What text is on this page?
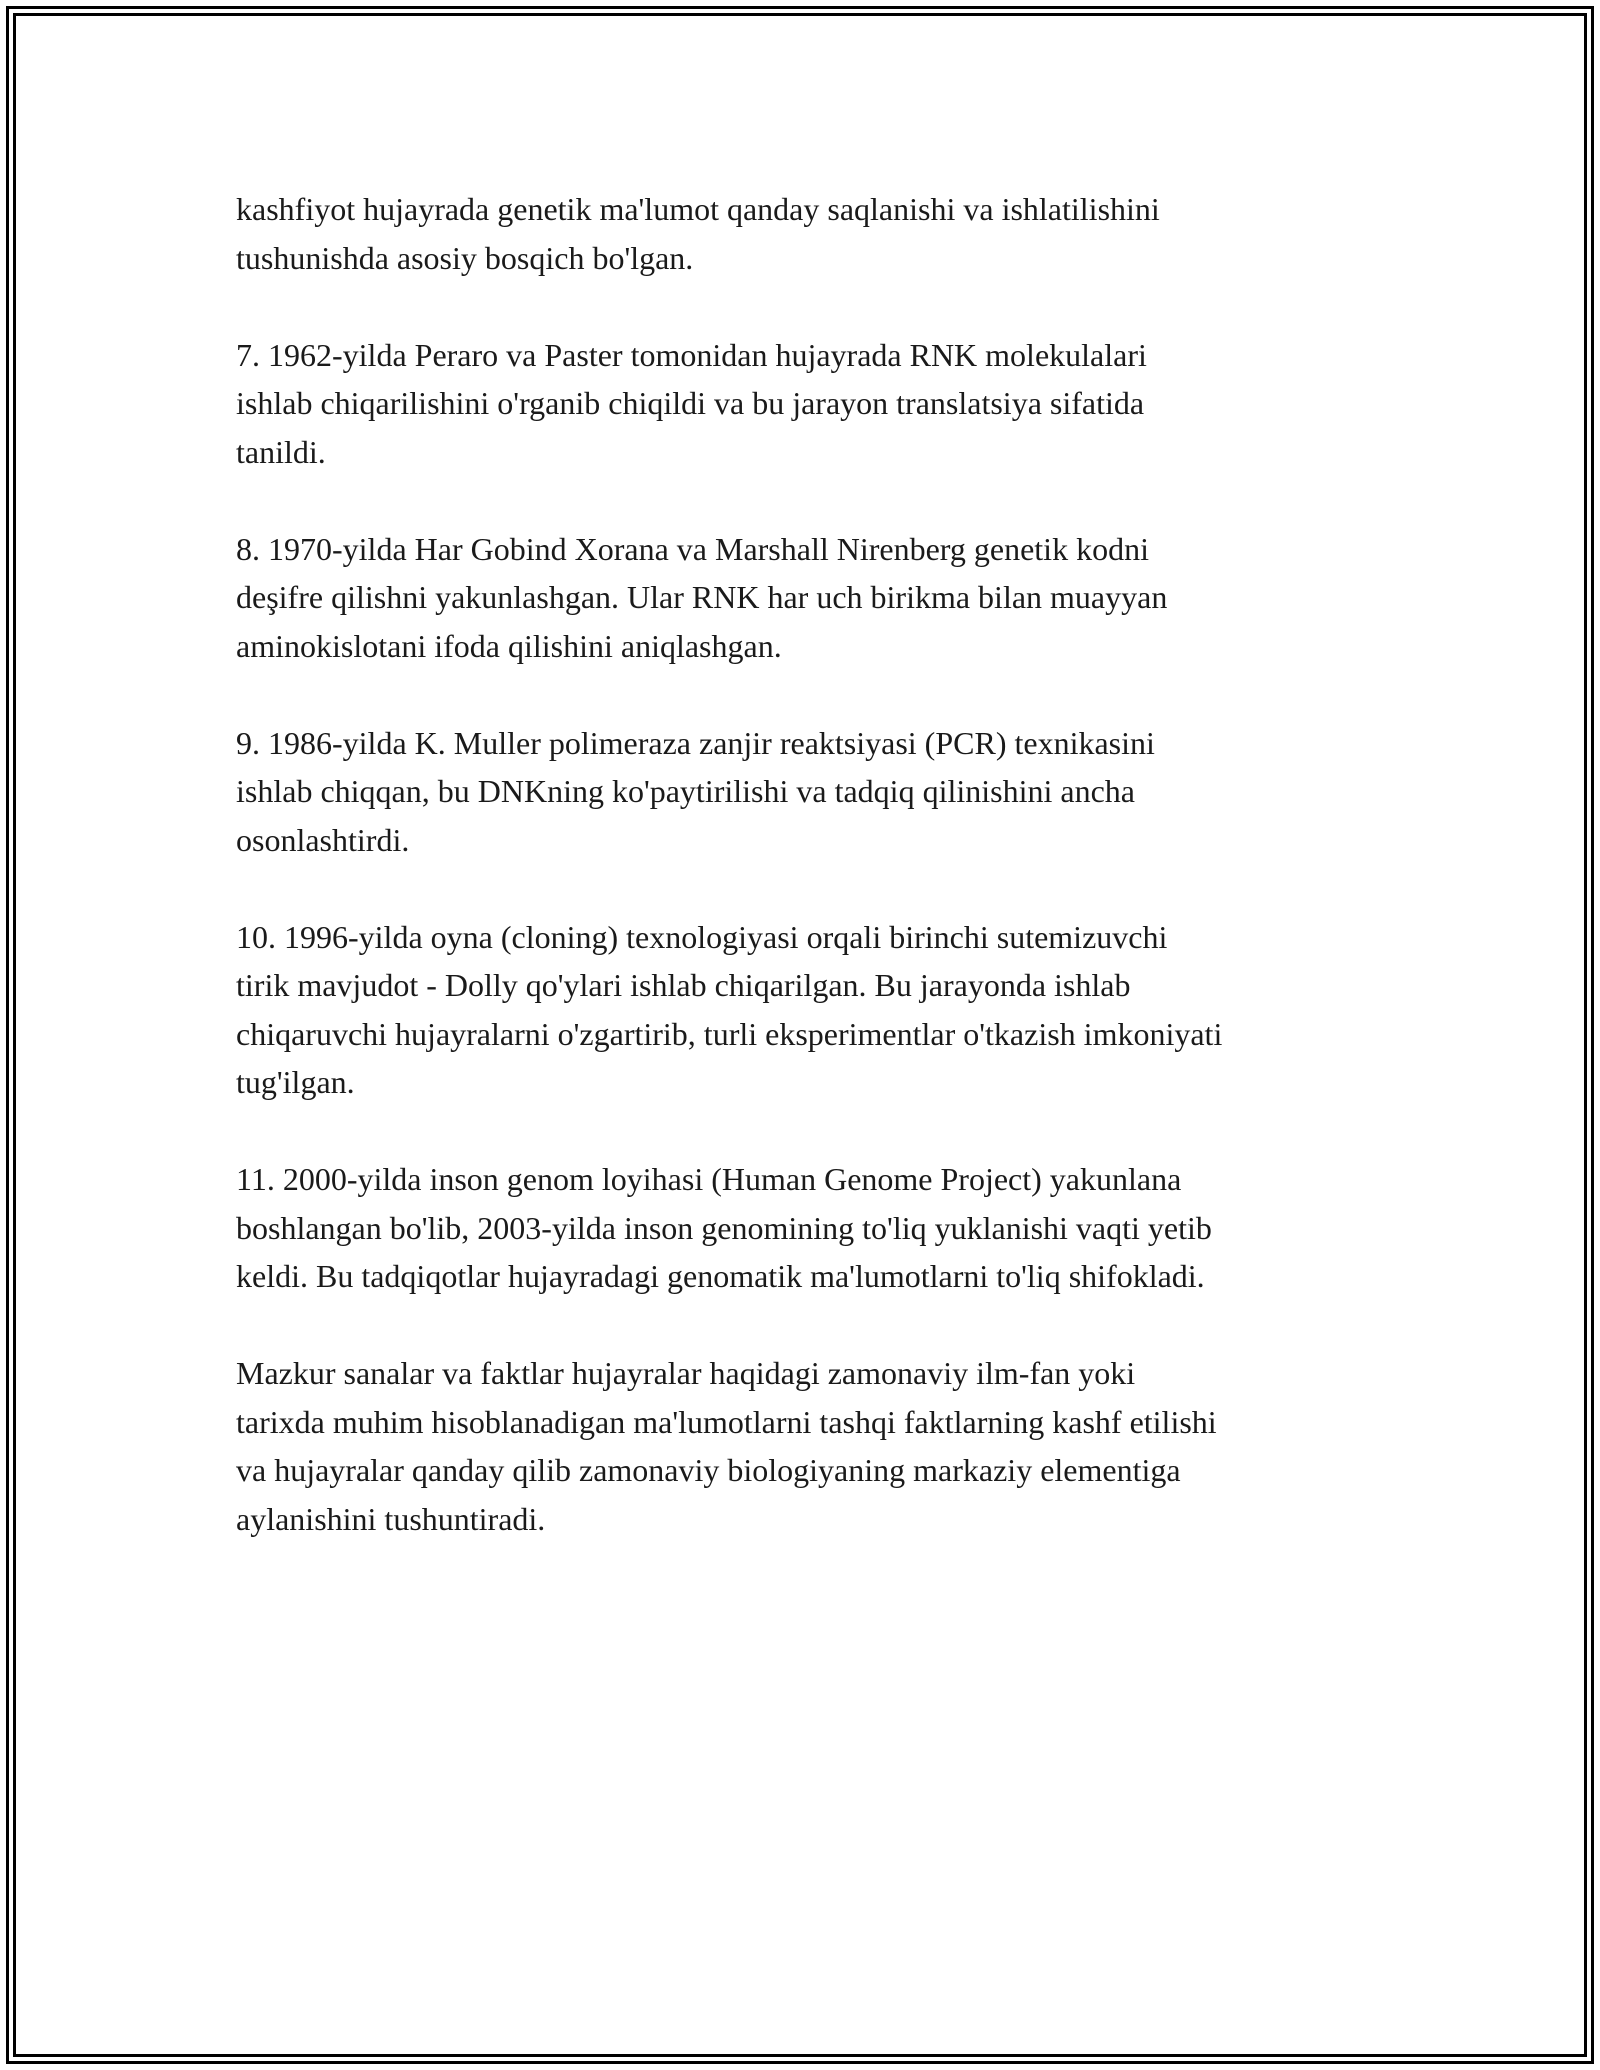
kashfiyot hujayrada genetik ma'lumot qanday saqlanishi va ishlatilishini
tushunishda asosiy bosqich bo'lgan.

7. 1962-yilda Peraro va Paster tomonidan hujayrada RNK molekulalari
ishlab chiqarilishini o'rganib chiqildi va bu jarayon translatsiya sifatida
tanildi.

8. 1970-yilda Har Gobind Xorana va Marshall Nirenberg genetik kodni
deşifre qilishni yakunlashgan. Ular RNK har uch birikma bilan muayyan
aminokislotani ifoda qilishini aniqlashgan.

9. 1986-yilda K. Muller polimeraza zanjir reaktsiyasi (PCR) texnikasini
ishlab chiqqan, bu DNKning ko'paytirilishi va tadqiq qilinishini ancha
osonlashtirdi.

10. 1996-yilda oyna (cloning) texnologiyasi orqali birinchi sutemizuvchi
tirik mavjudot - Dolly qo'ylari ishlab chiqarilgan. Bu jarayonda ishlab
chiqaruvchi hujayralarni o'zgartirib, turli eksperimentlar o'tkazish imkoniyati
tug'ilgan.

11. 2000-yilda inson genom loyihasi (Human Genome Project) yakunlana
boshlangan bo'lib, 2003-yilda inson genomining to'liq yuklanishi vaqti yetib
keldi. Bu tadqiqotlar hujayradagi genomatik ma'lumotlarni to'liq shifokladi.

Mazkur sanalar va faktlar hujayralar haqidagi zamonaviy ilm-fan yoki
tarixda muhim hisoblanadigan ma'lumotlarni tashqi faktlarning kashf etilishi
va hujayralar qanday qilib zamonaviy biologiyaning markaziy elementiga
aylanishini tushuntiradi.
